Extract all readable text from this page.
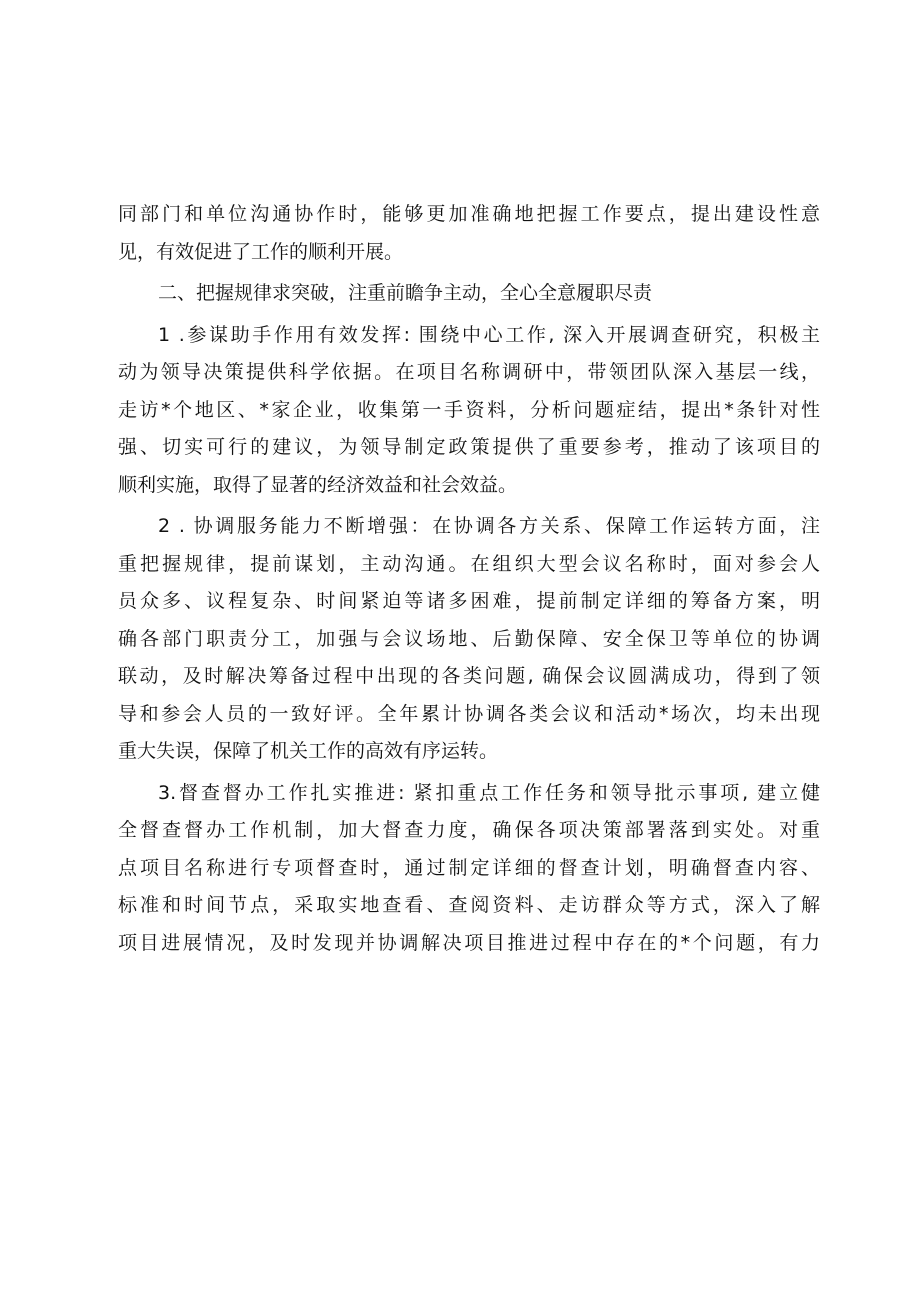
同部门和单位沟通协作时，能够更加准确地把握工作要点，提出建设性意
见，有效促进了工作的顺利开展。
二、把握规律求突破，注重前瞻争主动，全心全意履职尽责
1 .参谋助手作用有效发挥: 围绕中心工作, 深入开展调查研究，积极主
动为领导决策提供科学依据。在项目名称调研中，带领团队深入基层一线，
走访*个地区、*家企业，收集第一手资料，分析问题症结，提出*条针对性
强、切实可行的建议，为领导制定政策提供了重要参考，推动了该项目的
顺利实施，取得了显著的经济效益和社会效益。
2 . 协调服务能力不断增强：在协调各方关系、保障工作运转方面，注
重把握规律，提前谋划，主动沟通。在组织大型会议名称时，面对参会人
员众多、议程复杂、时间紧迫等诸多困难，提前制定详细的筹备方案，明
确各部门职责分工，加强与会议场地、后勤保障、安全保卫等单位的协调
联动，及时解决筹备过程中出现的各类问题, 确保会议圆满成功，得到了领
导和参会人员的一致好评。全年累计协调各类会议和活动*场次，均未出现
重大失误，保障了机关工作的高效有序运转。
3.督查督办工作扎实推进: 紧扣重点工作任务和领导批示事项, 建立健
全督查督办工作机制，加大督查力度，确保各项决策部署落到实处。对重
点项目名称进行专项督查时，通过制定详细的督查计划，明确督查内容、
标准和时间节点，采取实地查看、查阅资料、走访群众等方式，深入了解
项目进展情况，及时发现并协调解决项目推进过程中存在的*个问题，有力
